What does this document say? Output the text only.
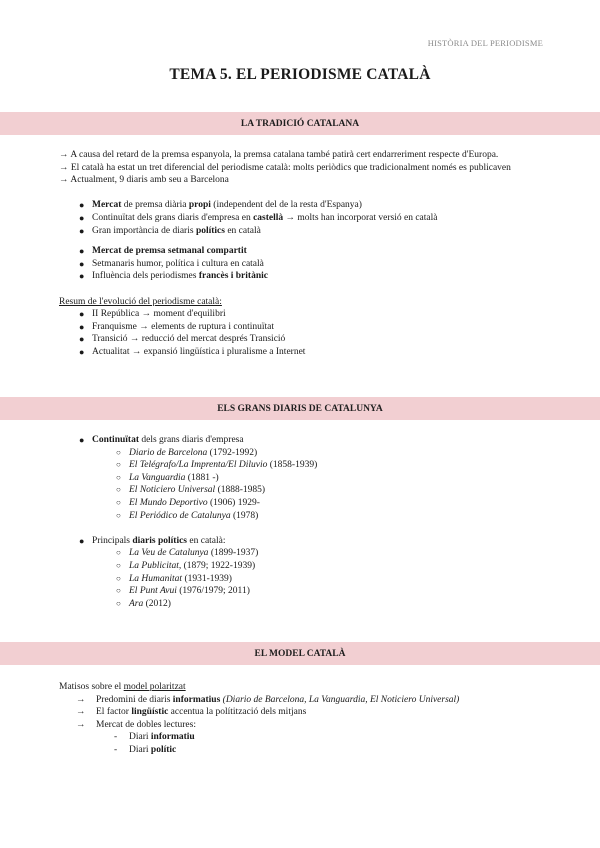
HISTÒRIA DEL PERIODISME
TEMA 5. EL PERIODISME CATALÀ
LA TRADICIÓ CATALANA
→ A causa del retard de la premsa espanyola, la premsa catalana també patirà cert endarreriment respecte d'Europa.
→ El català ha estat un tret diferencial del periodisme català: molts periòdics que tradicionalment només es publicaven
→ Actualment, 9 diaris amb seu a Barcelona
● Mercat de premsa diària propi (independent del de la resta d'Espanya)
● Continuïtat dels grans diaris d'empresa en castellà → molts han incorporat versió en català
● Gran importància de diaris polítics en català
● Mercat de premsa setmanal compartit
● Setmanaris humor, política i cultura en català
● Influència dels periodismes francès i britànic
Resum de l'evolució del periodisme català:
● II República → moment d'equilibri
● Franquisme → elements de ruptura i continuïtat
● Transició → reducció del mercat després Transició
● Actualitat → expansió lingüística i pluralisme a Internet
ELS GRANS DIARIS DE CATALUNYA
● Continuïtat dels grans diaris d'empresa
○ Diario de Barcelona (1792-1992)
○ El Telégrafo/La Imprenta/El Diluvio (1858-1939)
○ La Vanguardia (1881 -)
○ El Noticiero Universal (1888-1985)
○ El Mundo Deportivo (1906) 1929-
○ El Periódico de Catalunya (1978)
● Principals diaris polítics en català:
○ La Veu de Catalunya (1899-1937)
○ La Publicitat, (1879; 1922-1939)
○ La Humanitat (1931-1939)
○ El Punt Avui (1976/1979; 2011)
○ Ara (2012)
EL MODEL CATALÀ
Matisos sobre el model polaritzat
→ Predomini de diaris informatius (Diario de Barcelona, La Vanguardia, El Noticiero Universal)
→ El factor lingüístic accentua la polítització dels mitjans
→ Mercat de dobles lectures:
- Diari informatiu
- Diari polític
